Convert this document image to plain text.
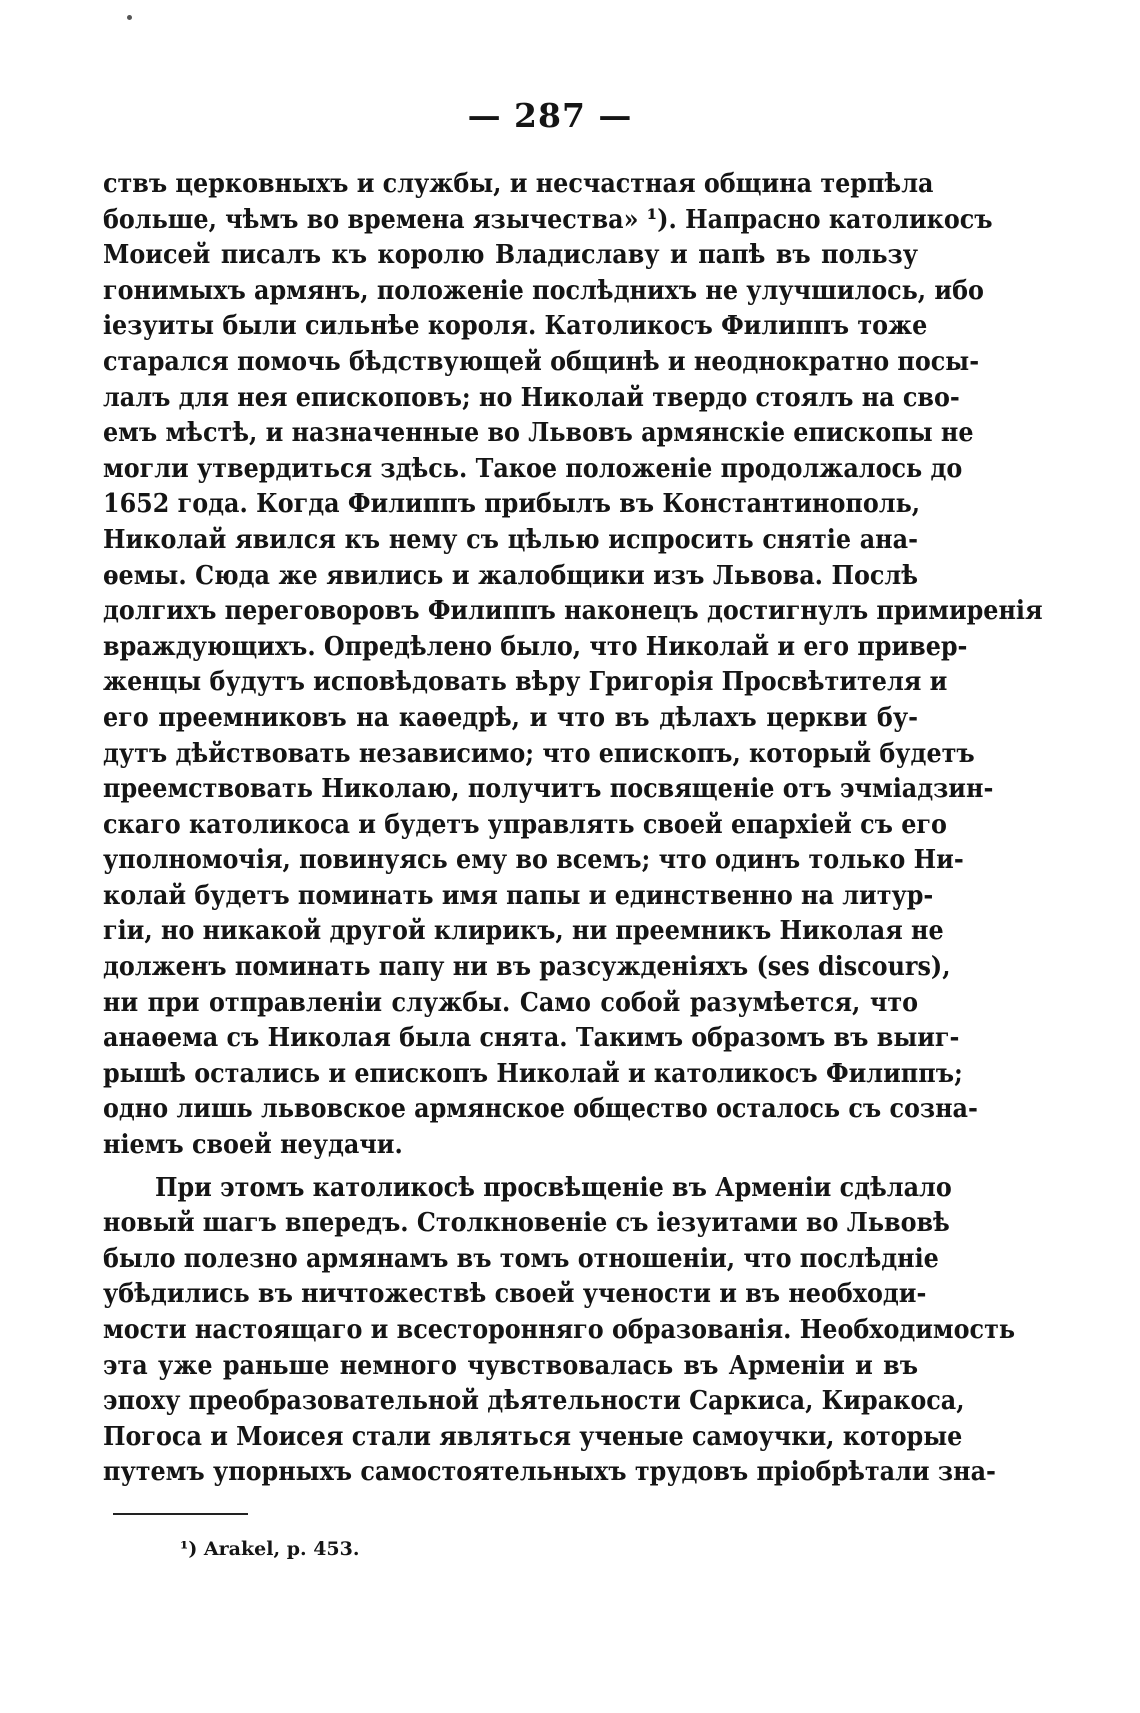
— 287 —
ствъ церковныхъ и службы, и несчастная община терпѣла
больше, чѣмъ во времена язычества» ¹). Напрасно католикосъ
Моисей писалъ къ королю Владиславу и папѣ въ пользу
гонимыхъ армянъ, положеніе послѣднихъ не улучшилось, ибо
іезуиты были сильнѣе короля. Католикосъ Филиппъ тоже
старался помочь бѣдствующей общинѣ и неоднократно посы-
лалъ для нея епископовъ; но Николай твердо стоялъ на сво-
емъ мѣстѣ, и назначенные во Львовъ армянскіе епископы не
могли утвердиться здѣсь. Такое положеніе продолжалось до
1652 года. Когда Филиппъ прибылъ въ Константинополь,
Николай явился къ нему съ цѣлью испросить снятіе ана-
ѳемы. Сюда же явились и жалобщики изъ Львова. Послѣ
долгихъ переговоровъ Филиппъ наконецъ достигнулъ примиренія
враждующихъ. Опредѣлено было, что Николай и его привер-
женцы будутъ исповѣдовать вѣру Григорія Просвѣтителя и
его преемниковъ на каѳедрѣ, и что въ дѣлахъ церкви бу-
дутъ дѣйствовать независимо; что епископъ, который будетъ
преемствовать Николаю, получитъ посвященіе отъ эчміадзин-
скаго католикоса и будетъ управлять своей епархіей съ его
уполномочія, повинуясь ему во всемъ; что одинъ только Ни-
колай будетъ поминать имя папы и единственно на литур-
гіи, но никакой другой клирикъ, ни преемникъ Николая не
долженъ поминать папу ни въ разсужденіяхъ (ses discours),
ни при отправленіи службы. Само собой разумѣется, что
анаѳема съ Николая была снята. Такимъ образомъ въ выиг-
рышѣ остались и епископъ Николай и католикосъ Филиппъ;
одно лишь львовское армянское общество осталось съ созна-
ніемъ своей неудачи.
При этомъ католикосѣ просвѣщеніе въ Арменіи сдѣлало
новый шагъ впередъ. Столкновеніе съ іезуитами во Львовѣ
было полезно армянамъ въ томъ отношеніи, что послѣдніе
убѣдились въ ничтожествѣ своей учености и въ необходи-
мости настоящаго и всесторонняго образованія. Необходимость
эта уже раньше немного чувствовалась въ Арменіи и въ
эпоху преобразовательной дѣятельности Саркиса, Киракоса,
Погоса и Моисея стали являться ученые самоучки, которые
путемъ упорныхъ самостоятельныхъ трудовъ пріобрѣтали зна-
¹) Arakel, p. 453.
